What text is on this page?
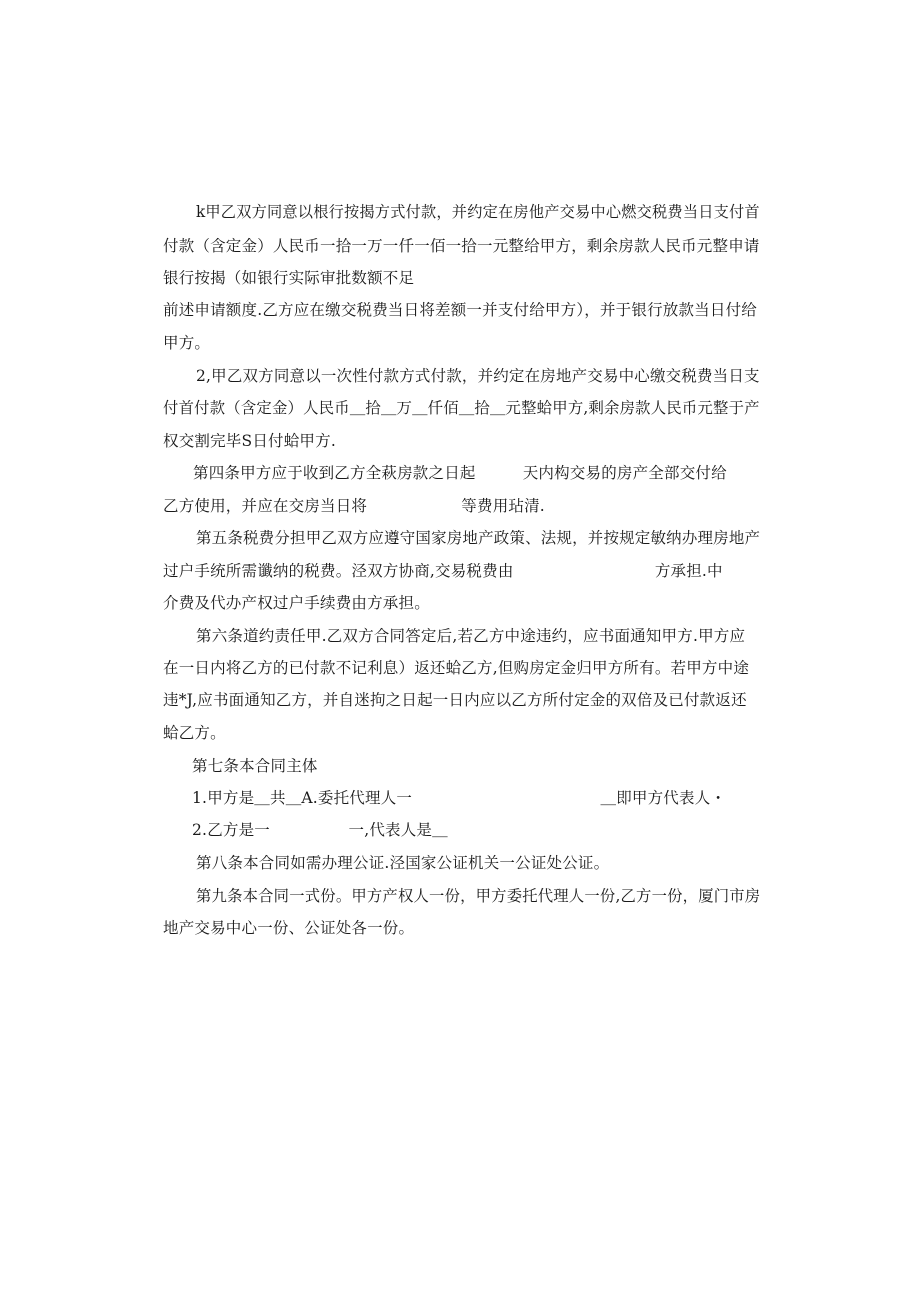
k甲乙双方同意以根行按揭方式付款，并约定在房他产交易中心燃交税费当日支付首
付款（含定金）人民币一拾一万一仟一佰一拾一元整给甲方，剩余房款人民币元整申请
银行按揭（如银行实际审批数额不足
前述申请额度.乙方应在缴交税费当日将差额一并支付给甲方），并于银行放款当日付给
甲方。
2,甲乙双方同意以一次性付款方式付款，并约定在房地产交易中心缴交税费当日支
付首付款（含定金）人民币＿拾＿万＿仟佰＿拾＿元整蛤甲方,剩余房款人民币元整于产
权交割完毕S日付蛤甲方.
第四条甲方应于收到乙方全萩房款之日起　　　天内构交易的房产全部交付给
乙方使用，并应在交房当日将　　　　　　等费用玷清.
第五条税费分担甲乙双方应遵守国家房地产政策、法规，并按规定敏纳办理房地产
过户手统所需谶纳的税费。泾双方协商,交易税费由　　　　　　　　　方承担.中
介费及代办产权过户手续费由方承担。
第六条道约责任甲.乙双方合同答定后,若乙方中途违约，应书面通知甲方.甲方应
在一日内将乙方的已付款不记利息）返还蛤乙方,但购房定金归甲方所有。若甲方中途
违*J,应书面通知乙方，并自迷拘之日起一日内应以乙方所付定金的双倍及已付款返还
蛤乙方。
第七条本合同主体
1.甲方是＿共＿A.委托代理人一　　　　　　　　　　　　＿即甲方代表人・
2.乙方是一　　　　　一,代表人是＿
第八条本合同如需办理公证.泾国家公证机关一公证处公证。
第九条本合同一式份。甲方产权人一份，甲方委托代理人一份,乙方一份，厦门市房
地产交易中心一份、公证处各一份。
